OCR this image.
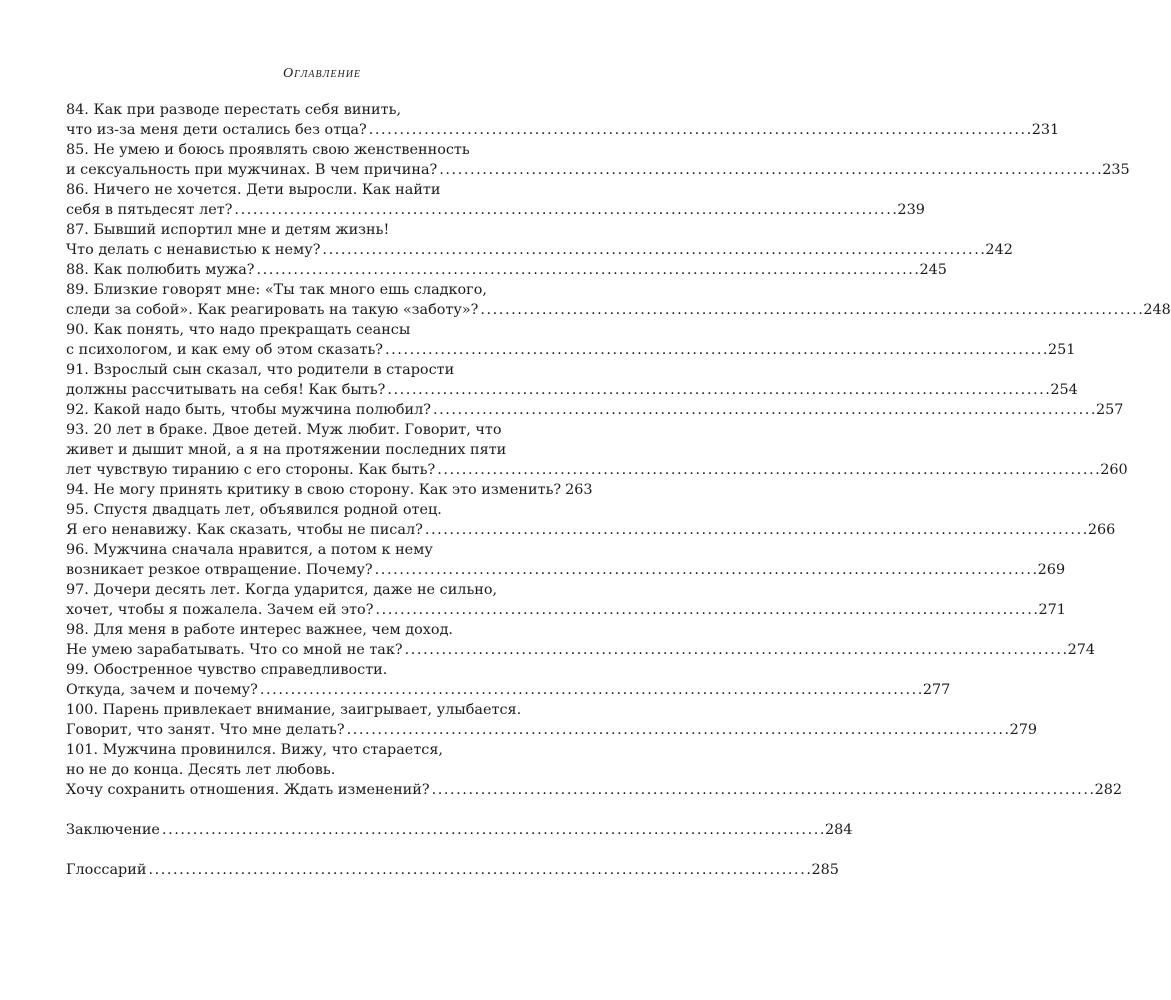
Оглавление
84. Как при разводе перестать себя винить,
что из-за меня дети остались без отца? . . .	231
85. Не умею и боюсь проявлять свою женственность
и сексуальность при мужчинах. В чем причина? . . .	235
86. Ничего не хочется. Дети выросли. Как найти
себя в пятьдесят лет? . . .	239
87. Бывший испортил мне и детям жизнь!
Что делать с ненавистью к нему? . . .	242
88. Как полюбить мужа? . . .	245
89. Близкие говорят мне: «Ты так много ешь сладкого,
следи за собой». Как реагировать на такую «заботу»? . . .	248
90. Как понять, что надо прекращать сеансы
с психологом, и как ему об этом сказать? . . .	251
91. Взрослый сын сказал, что родители в старости
должны рассчитывать на себя! Как быть? . . .	254
92. Какой надо быть, чтобы мужчина полюбил? . . .	257
93. 20 лет в браке. Двое детей. Муж любит. Говорит, что
живет и дышит мной, а я на протяжении последних пяти
лет чувствую тиранию с его стороны. Как быть? . . .	260
94. Не могу принять критику в свою сторону. Как это изменить? 263
95. Спустя двадцать лет, объявился родной отец.
Я его ненавижу. Как сказать, чтобы не писал? . . .	266
96. Мужчина сначала нравится, а потом к нему
возникает резкое отвращение. Почему? . . .	269
97. Дочери десять лет. Когда ударится, даже не сильно,
хочет, чтобы я пожалела. Зачем ей это? . . .	271
98. Для меня в работе интерес важнее, чем доход.
Не умею зарабатывать. Что со мной не так? . . .	274
99. Обостренное чувство справедливости.
Откуда, зачем и почему? . . .	277
100. Парень привлекает внимание, заигрывает, улыбается.
Говорит, что занят. Что мне делать? . . .	279
101. Мужчина провинился. Вижу, что старается,
но не до конца. Десять лет любовь.
Хочу сохранить отношения. Ждать изменений? . . .	282
Заключение . . .	284
Глоссарий . . .	285
